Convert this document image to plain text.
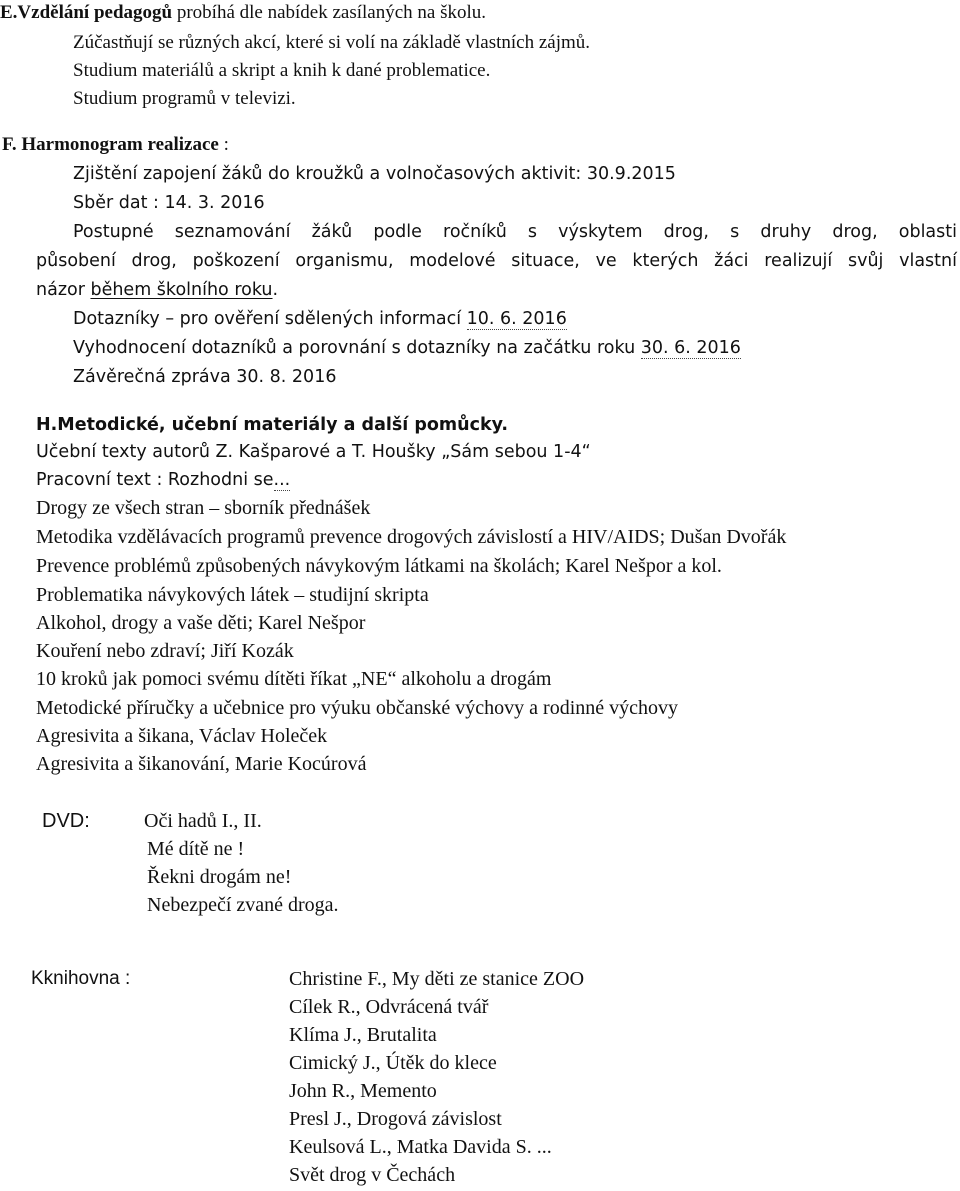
E.Vzdělání pedagogů probíhá dle nabídek zasílaných na školu.
Zúčastňují se různých akcí, které si volí na základě vlastních zájmů.
Studium materiálů a skript a knih k dané problematice.
Studium programů v televizi.
F. Harmonogram realizace :
Zjištění zapojení žáků do kroužků a volnočasových aktivit: 30.9.2015
Sběr dat : 14. 3. 2016
Postupné seznamování žáků podle ročníků s výskytem drog, s druhy drog, oblasti
působení drog, poškození organismu, modelové situace, ve kterých žáci realizují svůj vlastní
názor během školního roku.
Dotazníky – pro ověření sdělených informací 10. 6. 2016
Vyhodnocení dotazníků a porovnání s dotazníky na začátku roku 30. 6. 2016
Závěrečná zpráva 30. 8. 2016
H.Metodické, učební materiály a další pomůcky.
Učební texty autorů Z. Kašparové a T. Houšky „Sám sebou 1-4“
Pracovní text : Rozhodni se...
Drogy ze všech stran – sborník přednášek
Metodika vzdělávacích programů prevence drogových závislostí a HIV/AIDS; Dušan Dvořák
Prevence problémů způsobených návykovým látkami na školách; Karel Nešpor a kol.
Problematika návykových látek – studijní skripta
Alkohol, drogy a vaše děti; Karel Nešpor
Kouření nebo zdraví; Jiří Kozák
10 kroků jak pomoci svému dítěti říkat „NE“ alkoholu a drogám
Metodické příručky a učebnice pro výuku občanské výchovy a rodinné výchovy
Agresivita a šikana, Václav Holeček
Agresivita a šikanování, Marie Kocúrová
DVD:	Oči hadů I., II.
Mé dítě ne !
Řekni drogám ne!
Nebezpečí zvané droga.
Kknihovna :	Christine F., My děti ze stanice ZOO
Cílek R., Odvrácená tvář
Klíma J., Brutalita
Cimický J., Útěk do klece
John R., Memento
Presl J., Drogová závislost
Keulsová L., Matka Davida S. ...
Svět drog v Čechách
